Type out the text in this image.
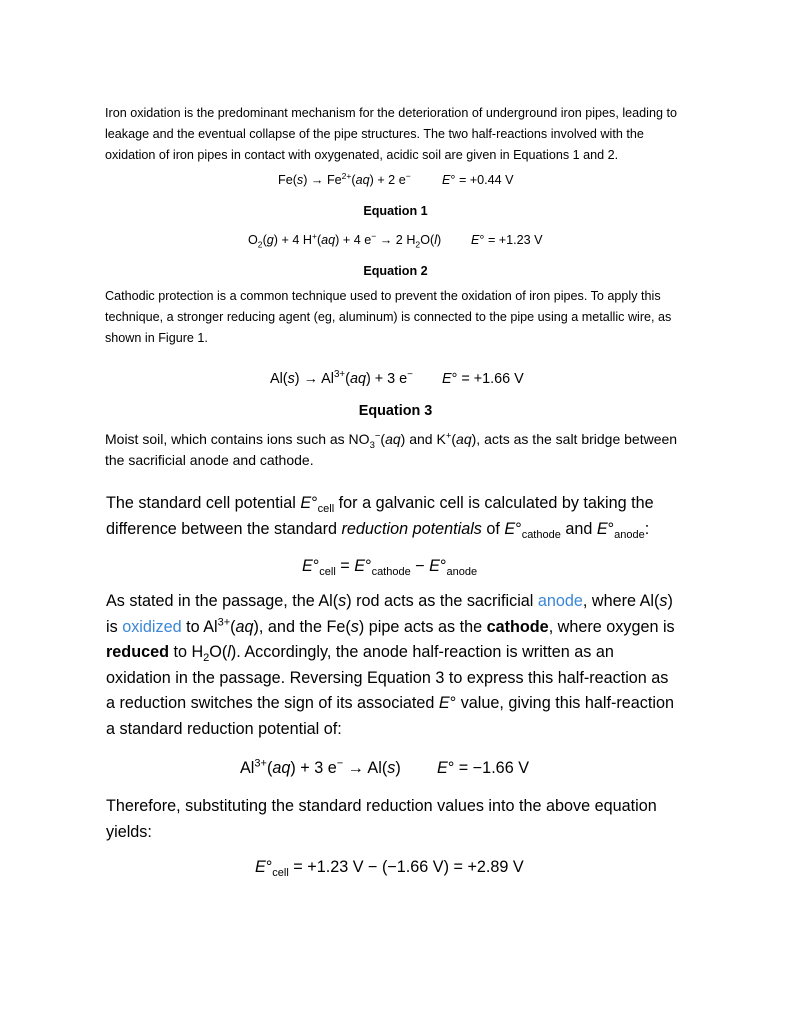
Iron oxidation is the predominant mechanism for the deterioration of underground iron pipes, leading to
leakage and the eventual collapse of the pipe structures. The two half-reactions involved with the
oxidation of iron pipes in contact with oxygenated, acidic soil are given in Equations 1 and 2.
$Fe(s) \to Fe^{2+}(aq) + 2$ e− E° = +0.44 V
Equation 1
$O_2(g) + 4$ H+(aq) + 4 e− → 2 $H_2O(l) E^\circ = +1.23$ V
Equation 2
Cathodic protection is a common technique used to prevent the oxidation of iron pipes. To apply this
technique, a stronger reducing agent (eg, aluminum) is connected to the pipe using a metallic wire, as
shown in Figure 1.
$Al(s) \to Al^{3+}(aq) + 3$ e− E° = +1.66 V
Equation 3
Moist soil, which contains ions such as $NO_3^-(aq)$ and K+(aq), acts as the salt bridge between
the sacrificial anode and cathode.
The standard cell potential $E^\circ_{cell}$ for a galvanic cell is calculated by taking the
difference between the standard reduction potentials of $E^\circ_{cathode}$ and $E^\circ_{anode}$:
$E^\circ_{cell} = E^\circ_{cathode} - E^\circ_{anode}$
As stated in the passage, the Al(s) rod acts as the sacrificial anode, where Al(s)
is oxidized to $Al^{3+}(aq)$, and the Fe(s) pipe acts as the cathode, where oxygen is
reduced to $H_2O(l)$. Accordingly, the anode half-reaction is written as an
oxidation in the passage. Reversing Equation 3 to express this half-reaction as
a reduction switches the sign of its associated E° value, giving this half-reaction
a standard reduction potential of:
$Al^{3+}(aq) + 3$ e− → Al(s) E° = −1.66 V
Therefore, substituting the standard reduction values into the above equation
yields:
$E^\circ_{cell} = +1.23$ V − (−1.66 V) = +2.89 V
